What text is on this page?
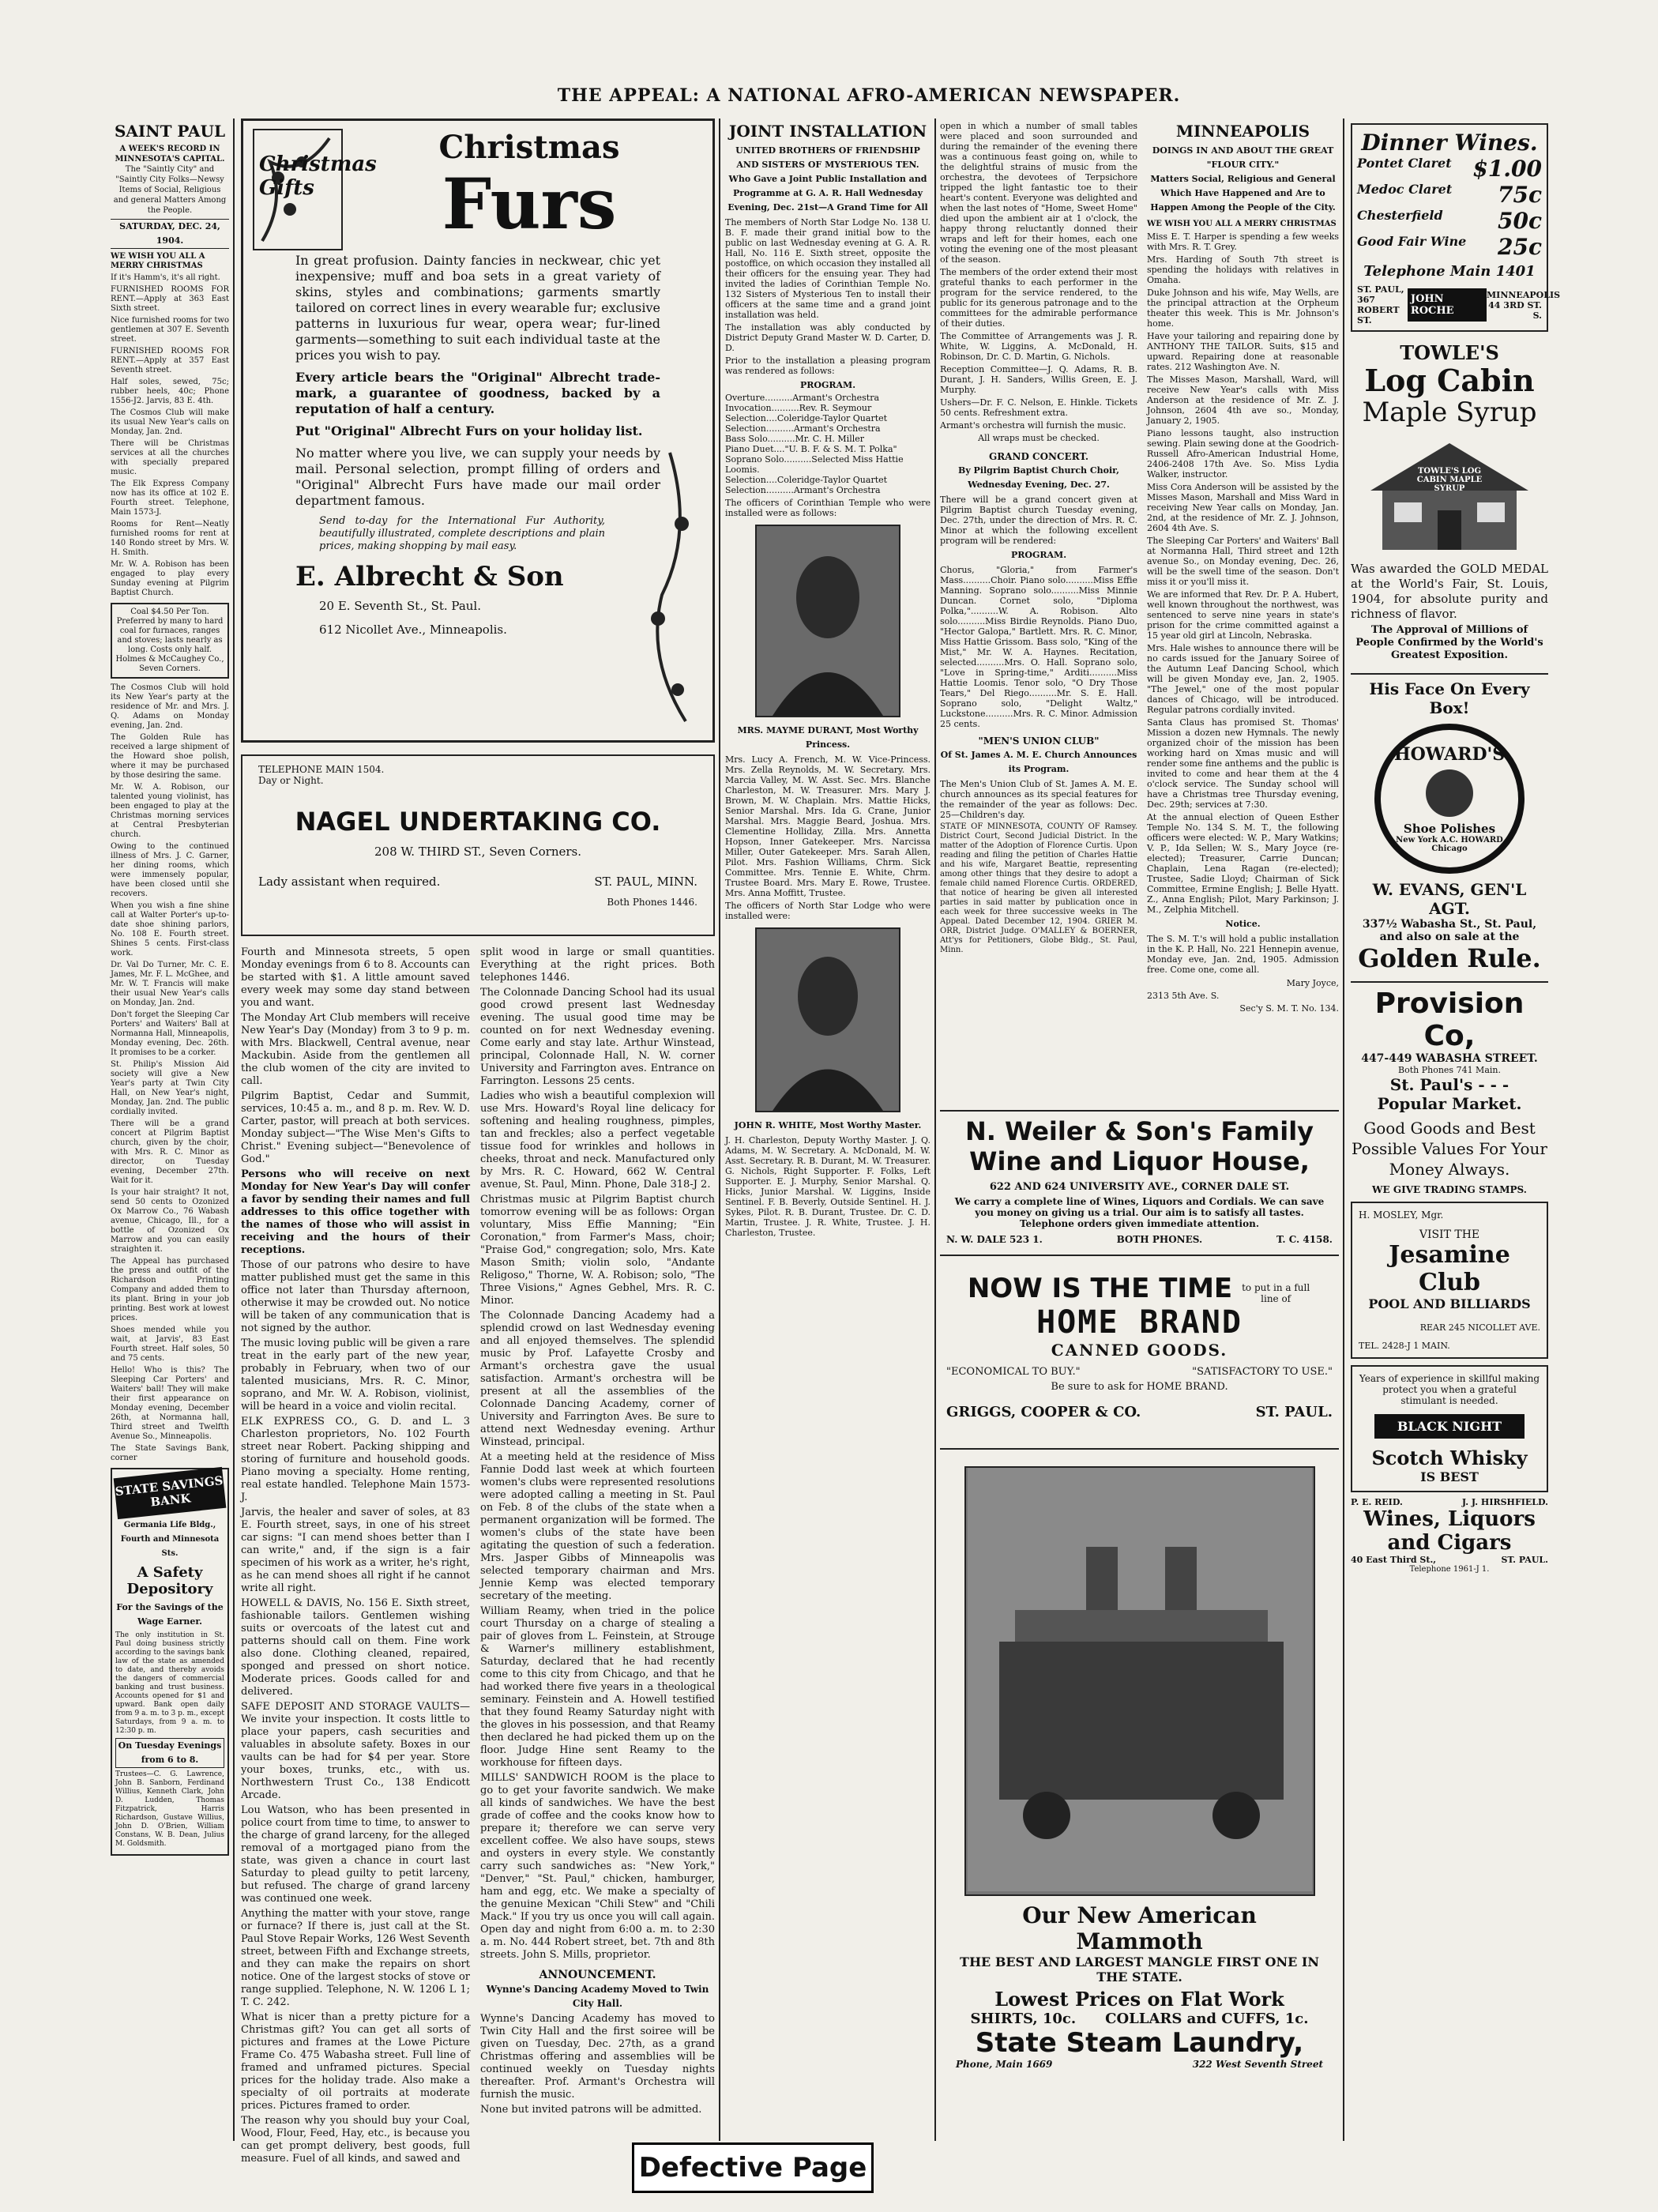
THE APPEAL: A NATIONAL AFRO-AMERICAN NEWSPAPER.
SAINT PAUL
A WEEK'S RECORD IN MINNESOTA'S CAPITAL.
The "Saintly City" and "Saintly City Folks—Newsy Items of Social, Religious and general Matters Among the People.
SATURDAY, DEC. 24, 1904.
WE WISH YOU ALL A MERRY CHRISTMAS
If it's Hamm's, it's all right.
FURNISHED ROOMS FOR RENT.—Apply at 363 East Sixth street.
Nice furnished rooms for two gentlemen at 307 E. Seventh street.
FURNISHED ROOMS FOR RENT.—Apply at 357 East Seventh street.
Half soles, sewed, 75c; rubber heels, 40c; Phone 1556-J2. Jarvis, 83 E. 4th.
The Cosmos Club will make its usual New Year's calls on Monday, Jan. 2nd.
There will be Christmas services at all the churches with specially prepared music.
The Elk Express Company now has its office at 102 E. Fourth street. Telephone, Main 1573-J.
Rooms for Rent—Neatly furnished rooms for rent at 140 Rondo street by Mrs. W. H. Smith.
Mr. W. A. Robison has been engaged to play every Sunday evening at Pilgrim Baptist Church.
Coal $4.50 Per Ton. Preferred by many to hard coal for furnaces, ranges and stoves; lasts nearly as long. Costs only half. Holmes & McCaughey Co., Seven Corners.
The Cosmos Club will hold its New Year's party at the residence of Mr. and Mrs. J. Q. Adams on Monday evening, Jan. 2nd.
The Golden Rule has received a large shipment of the Howard shoe polish, where it may be purchased by those desiring the same.
Mr. W. A. Robison, our talented young violinist, has been engaged to play at the Christmas morning services at Central Presbyterian church.
Owing to the continued illness of Mrs. J. C. Garner, her dining rooms, which were immensely popular, have been closed until she recovers.
When you wish a fine shine call at Walter Porter's up-to-date shoe shining parlors, No. 108 E. Fourth street. Shines 5 cents. First-class work.
Dr. Val Do Turner, Mr. C. E. James, Mr. F. L. McGhee, and Mr. W. T. Francis will make their usual New Year's calls on Monday, Jan. 2nd.
Don't forget the Sleeping Car Porters' and Waiters' Ball at Normanna Hall, Minneapolis, Monday evening, Dec. 26th. It promises to be a corker.
St. Philip's Mission Aid society will give a New Year's party at Twin City Hall, on New Year's night, Monday, Jan. 2nd. The public cordially invited.
There will be a grand concert at Pilgrim Baptist church, given by the choir, with Mrs. R. C. Minor as director, on Tuesday evening, December 27th. Wait for it.
Is your hair straight? It not, send 50 cents to Ozonized Ox Marrow Co., 76 Wabash avenue, Chicago, Ill., for a bottle of Ozonized Ox Marrow and you can easily straighten it.
The Appeal has purchased the press and outfit of the Richardson Printing Company and added them to its plant. Bring in your job printing. Best work at lowest prices.
Shoes mended while you wait, at Jarvis', 83 East Fourth street. Half soles, 50 and 75 cents.
Hello! Who is this? The Sleeping Car Porters' and Waiters' ball! They will make their first appearance on Monday evening, December 26th, at Normanna hall, Third street and Twelfth Avenue So., Minneapolis.
The State Savings Bank, corner
STATE SAVINGS BANK
Germania Life Bldg., Fourth and Minnesota Sts.
A Safety Depository
For the Savings of the Wage Earner.
The only institution in St. Paul doing business strictly according to the savings bank law of the state as amended to date, and thereby avoids the dangers of commercial banking and trust business. Accounts opened for $1 and upward. Bank open daily from 9 a. m. to 3 p. m., except Saturdays, from 9 a. m. to 12:30 p. m.
On Tuesday Evenings from 6 to 8.
Trustees—C. G. Lawrence, John B. Sanborn, Ferdinand Willius, Kenneth Clark, John D. Ludden, Thomas Fitzpatrick, Harris Richardson, Gustave Willius, John D. O'Brien, William Constans, W. B. Dean, Julius M. Goldsmith.
Christmas Gifts
Christmas
Furs
In great profusion. Dainty fancies in neckwear, chic yet inexpensive; muff and boa sets in a great variety of skins, styles and combinations; garments smartly tailored on correct lines in every wearable fur; exclusive patterns in luxurious fur wear, opera wear; fur-lined garments—something to suit each individual taste at the prices you wish to pay.
Every article bears the "Original" Albrecht trade-mark, a guarantee of goodness, backed by a reputation of half a century.
Put "Original" Albrecht Furs on your holiday list.
No matter where you live, we can supply your needs by mail. Personal selection, prompt filling of orders and "Original" Albrecht Furs have made our mail order department famous.
Send to-day for the International Fur Authority, beautifully illustrated, complete descriptions and plain prices, making shopping by mail easy.
E. Albrecht & Son
20 E. Seventh St., St. Paul.
612 Nicollet Ave., Minneapolis.
TELEPHONE MAIN 1504.
Day or Night.
NAGEL UNDERTAKING CO.
208 W. THIRD ST., Seven Corners.
Lady assistant when required.	ST. PAUL, MINN.
Both Phones 1446.
Fourth and Minnesota streets, 5 open Monday evenings from 6 to 8. Accounts can be started with $1. A little amount saved every week may some day stand between you and want.
The Monday Art Club members will receive New Year's Day (Monday) from 3 to 9 p. m. with Mrs. Blackwell, Central avenue, near Mackubin. Aside from the gentlemen all the club women of the city are invited to call.
Pilgrim Baptist, Cedar and Summit, services, 10:45 a. m., and 8 p. m. Rev. W. D. Carter, pastor, will preach at both services. Monday subject—"The Wise Men's Gifts to Christ." Evening subject—"Benevolence of God."
Persons who will receive on next Monday for New Year's Day will confer a favor by sending their names and full addresses to this office together with the names of those who will assist in receiving and the hours of their receptions.
Those of our patrons who desire to have matter published must get the same in this office not later than Thursday afternoon, otherwise it may be crowded out. No notice will be taken of any communication that is not signed by the author.
The music loving public will be given a rare treat in the early part of the new year, probably in February, when two of our talented musicians, Mrs. R. C. Minor, soprano, and Mr. W. A. Robison, violinist, will be heard in a voice and violin recital.
ELK EXPRESS CO., G. D. and L. 3 Charleston proprietors, No. 102 Fourth street near Robert. Packing shipping and storing of furniture and household goods. Piano moving a specialty. Home renting, real estate handled. Telephone Main 1573-J.
Jarvis, the healer and saver of soles, at 83 E. Fourth street, says, in one of his street car signs: "I can mend shoes better than I can write," and, if the sign is a fair specimen of his work as a writer, he's right, as he can mend shoes all right if he cannot write all right.
HOWELL & DAVIS, No. 156 E. Sixth street, fashionable tailors. Gentlemen wishing suits or overcoats of the latest cut and patterns should call on them. Fine work also done. Clothing cleaned, repaired, sponged and pressed on short notice. Moderate prices. Goods called for and delivered.
SAFE DEPOSIT AND STORAGE VAULTS—We invite your inspection. It costs little to place your papers, cash securities and valuables in absolute safety. Boxes in our vaults can be had for $4 per year. Store your boxes, trunks, etc., with us. Northwestern Trust Co., 138 Endicott Arcade.
Lou Watson, who has been presented in police court from time to time, to answer to the charge of grand larceny, for the alleged removal of a mortgaged piano from the state, was given a chance in court last Saturday to plead guilty to petit larceny, but refused. The charge of grand larceny was continued one week.
Anything the matter with your stove, range or furnace? If there is, just call at the St. Paul Stove Repair Works, 126 West Seventh street, between Fifth and Exchange streets, and they can make the repairs on short notice. One of the largest stocks of stove or range supplied. Telephone, N. W. 1206 L 1; T. C. 242.
What is nicer than a pretty picture for a Christmas gift? You can get all sorts of pictures and frames at the Lowe Picture Frame Co. 475 Wabasha street. Full line of framed and unframed pictures. Special prices for the holiday trade. Also make a specialty of oil portraits at moderate prices. Pictures framed to order.
The reason why you should buy your Coal, Wood, Flour, Feed, Hay, etc., is because you can get prompt delivery, best goods, full measure. Fuel of all kinds, and sawed and
split wood in large or small quantities. Everything at the right prices. Both telephones 1446.
The Colonnade Dancing School had its usual good crowd present last Wednesday evening. The usual good time may be counted on for next Wednesday evening. Come early and stay late. Arthur Winstead, principal, Colonnade Hall, N. W. corner University and Farrington aves. Entrance on Farrington. Lessons 25 cents.
Ladies who wish a beautiful complexion will use Mrs. Howard's Royal line delicacy for softening and healing roughness, pimples, tan and freckles; also a perfect vegetable tissue food for wrinkles and hollows in cheeks, throat and neck. Manufactured only by Mrs. R. C. Howard, 662 W. Central avenue, St. Paul, Minn. Phone, Dale 318-J 2.
Christmas music at Pilgrim Baptist church tomorrow evening will be as follows: Organ voluntary, Miss Effie Manning; "Ein Coronation," from Farmer's Mass, choir; "Praise God," congregation; solo, Mrs. Kate Mason Smith; violin solo, "Andante Religoso," Thorne, W. A. Robison; solo, "The Three Visions," Agnes Gebhel, Mrs. R. C. Minor.
The Colonnade Dancing Academy had a splendid crowd on last Wednesday evening and all enjoyed themselves. The splendid music by Prof. Lafayette Crosby and Armant's orchestra gave the usual satisfaction. Armant's orchestra will be present at all the assemblies of the Colonnade Dancing Academy, corner of University and Farrington Aves. Be sure to attend next Wednesday evening. Arthur Winstead, principal.
At a meeting held at the residence of Miss Fannie Dodd last week at which fourteen women's clubs were represented resolutions were adopted calling a meeting in St. Paul on Feb. 8 of the clubs of the state when a permanent organization will be formed. The women's clubs of the state have been agitating the question of such a federation. Mrs. Jasper Gibbs of Minneapolis was selected temporary chairman and Mrs. Jennie Kemp was elected temporary secretary of the meeting.
William Reamy, when tried in the police court Thursday on a charge of stealing a pair of gloves from L. Feinstein, at Strouge & Warner's millinery establishment, Saturday, declared that he had recently come to this city from Chicago, and that he had worked there five years in a theological seminary. Feinstein and A. Howell testified that they found Reamy Saturday night with the gloves in his possession, and that Reamy then declared he had picked them up on the floor. Judge Hine sent Reamy to the workhouse for fifteen days.
MILLS' SANDWICH ROOM is the place to go to get your favorite sandwich. We make all kinds of sandwiches. We have the best grade of coffee and the cooks know how to prepare it; therefore we can serve very excellent coffee. We also have soups, stews and oysters in every style. We constantly carry such sandwiches as: "New York," "Denver," "St. Paul," chicken, hamburger, ham and egg, etc. We make a specialty of the genuine Mexican "Chili Stew" and "Chili Mack." If you try us once you will call again. Open day and night from 6:00 a. m. to 2:30 a. m. No. 444 Robert street, bet. 7th and 8th streets. John S. Mills, proprietor.
ANNOUNCEMENT.
Wynne's Dancing Academy Moved to Twin City Hall.
Wynne's Dancing Academy has moved to Twin City Hall and the first soiree will be given on Tuesday, Dec. 27th, as a grand Christmas offering and assemblies will be continued weekly on Tuesday nights thereafter. Prof. Armant's Orchestra will furnish the music.
None but invited patrons will be admitted.
JOINT INSTALLATION
UNITED BROTHERS OF FRIENDSHIP AND SISTERS OF MYSTERIOUS TEN.
Who Gave a Joint Public Installation and Programme at G. A. R. Hall Wednesday Evening, Dec. 21st—A Grand Time for All
The members of North Star Lodge No. 138 U. B. F. made their grand initial bow to the public on last Wednesday evening at G. A. R. Hall, No. 116 E. Sixth street, opposite the postoffice, on which occasion they installed all their officers for the ensuing year. They had invited the ladies of Corinthian Temple No. 132 Sisters of Mysterious Ten to install their officers at the same time and a grand joint installation was held.
The installation was ably conducted by District Deputy Grand Master W. D. Carter, D. D.
Prior to the installation a pleasing program was rendered as follows:
PROGRAM.
Overture..........Armant's Orchestra
Invocation..........Rev. R. Seymour
Selection....Coleridge-Taylor Quartet
Selection..........Armant's Orchestra
Bass Solo..........Mr. C. H. Miller
Piano Duet...."U. B. F. & S. M. T. Polka"
Soprano Solo..........Selected Miss Hattie Loomis.
Selection....Coleridge-Taylor Quartet
Selection..........Armant's Orchestra
The officers of Corinthian Temple who were installed were as follows:
MRS. MAYME DURANT, Most Worthy Princess.
Mrs. Lucy A. French, M. W. Vice-Princess. Mrs. Zella Reynolds, M. W. Secretary. Mrs. Marcia Valley, M. W. Asst. Sec. Mrs. Blanche Charleston, M. W. Treasurer. Mrs. Mary J. Brown, M. W. Chaplain. Mrs. Mattie Hicks, Senior Marshal. Mrs. Ida G. Crane, Junior Marshal. Mrs. Maggie Beard, Joshua. Mrs. Clementine Holliday, Zilla. Mrs. Annetta Hopson, Inner Gatekeeper. Mrs. Narcissa Miller, Outer Gatekeeper. Mrs. Sarah Allen, Pilot. Mrs. Fashion Williams, Chrm. Sick Committee. Mrs. Tennie E. White, Chrm. Trustee Board. Mrs. Mary E. Rowe, Trustee. Mrs. Anna Moffitt, Trustee.
The officers of North Star Lodge who were installed were:
JOHN R. WHITE, Most Worthy Master.
J. H. Charleston, Deputy Worthy Master. J. Q. Adams, M. W. Secretary. A. McDonald, M. W. Asst. Secretary. R. B. Durant, M. W. Treasurer. G. Nichols, Right Supporter. F. Folks, Left Supporter. E. J. Murphy, Senior Marshal. Q. Hicks, Junior Marshal. W. Liggins, Inside Sentinel. F. B. Beverly, Outside Sentinel. H. J. Sykes, Pilot. R. B. Durant, Trustee. Dr. C. D. Martin, Trustee. J. R. White, Trustee. J. H. Charleston, Trustee.
open in which a number of small tables were placed and soon surrounded and during the remainder of the evening there was a continuous feast going on, while to the delightful strains of music from the orchestra, the devotees of Terpsichore tripped the light fantastic toe to their heart's content. Everyone was delighted and when the last notes of "Home, Sweet Home" died upon the ambient air at 1 o'clock, the happy throng reluctantly donned their wraps and left for their homes, each one voting the evening one of the most pleasant of the season.
The members of the order extend their most grateful thanks to each performer in the program for the service rendered, to the public for its generous patronage and to the committees for the admirable performance of their duties.
The Committee of Arrangements was J. R. White, W. Liggins, A. McDonald, H. Robinson, Dr. C. D. Martin, G. Nichols.
Reception Committee—J. Q. Adams, R. B. Durant, J. H. Sanders, Willis Green, E. J. Murphy.
Ushers—Dr. F. C. Nelson, E. Hinkle. Tickets 50 cents. Refreshment extra.
Armant's orchestra will furnish the music.
All wraps must be checked.
GRAND CONCERT.
By Pilgrim Baptist Church Choir, Wednesday Evening, Dec. 27.
There will be a grand concert given at Pilgrim Baptist church Tuesday evening, Dec. 27th, under the direction of Mrs. R. C. Minor at which the following excellent program will be rendered:
PROGRAM.
Chorus, "Gloria," from Farmer's Mass..........Choir. Piano solo..........Miss Effie Manning. Soprano solo..........Miss Minnie Duncan. Cornet solo, "Diploma Polka,"..........W. A. Robison. Alto solo..........Miss Birdie Reynolds. Piano Duo, "Hector Galopa," Bartlett. Mrs. R. C. Minor, Miss Hattie Grissom. Bass solo, "King of the Mist," Mr. W. A. Haynes. Recitation, selected..........Mrs. O. Hall. Soprano solo, "Love in Spring-time," Arditi..........Miss Hattie Loomis. Tenor solo, "O Dry Those Tears," Del Riego..........Mr. S. E. Hall. Soprano solo, "Delight Waltz," Luckstone..........Mrs. R. C. Minor. Admission 25 cents.
"MEN'S UNION CLUB"
Of St. James A. M. E. Church Announces its Program.
The Men's Union Club of St. James A. M. E. church announces as its special features for the remainder of the year as follows: Dec. 25—Children's day.
STATE OF MINNESOTA, COUNTY OF Ramsey. District Court, Second Judicial District. In the matter of the Adoption of Florence Curtis. Upon reading and filing the petition of Charles Hattie and his wife, Margaret Beattie, representing among other things that they desire to adopt a female child named Florence Curtis. ORDERED, that notice of hearing be given all interested parties in said matter by publication once in each week for three successive weeks in The Appeal. Dated December 12, 1904. GRIER M. ORR, District Judge. O'MALLEY & BOERNER, Att'ys for Petitioners, Globe Bldg., St. Paul, Minn.
MINNEAPOLIS
DOINGS IN AND ABOUT THE GREAT "FLOUR CITY."
Matters Social, Religious and General Which Have Happened and Are to Happen Among the People of the City.
WE WISH YOU ALL A MERRY CHRISTMAS
Miss E. T. Harper is spending a few weeks with Mrs. R. T. Grey.
Mrs. Harding of South 7th street is spending the holidays with relatives in Omaha.
Duke Johnson and his wife, May Wells, are the principal attraction at the Orpheum theater this week. This is Mr. Johnson's home.
Have your tailoring and repairing done by ANTHONY THE TAILOR. Suits, $15 and upward. Repairing done at reasonable rates. 212 Washington Ave. N.
The Misses Mason, Marshall, Ward, will receive New Year's calls with Miss Anderson at the residence of Mr. Z. J. Johnson, 2604 4th ave so., Monday, January 2, 1905.
Piano lessons taught, also instruction sewing. Plain sewing done at the Goodrich-Russell Afro-American Industrial Home, 2406-2408 17th Ave. So. Miss Lydia Walker, instructor.
Miss Cora Anderson will be assisted by the Misses Mason, Marshall and Miss Ward in receiving New Year calls on Monday, Jan. 2nd, at the residence of Mr. Z. J. Johnson, 2604 4th Ave. S.
The Sleeping Car Porters' and Waiters' Ball at Normanna Hall, Third street and 12th avenue So., on Monday evening, Dec. 26, will be the swell time of the season. Don't miss it or you'll miss it.
We are informed that Rev. Dr. P. A. Hubert, well known throughout the northwest, was sentenced to serve nine years in state's prison for the crime committed against a 15 year old girl at Lincoln, Nebraska.
Mrs. Hale wishes to announce there will be no cards issued for the January Soiree of the Autumn Leaf Dancing School, which will be given Monday eve, Jan. 2, 1905. "The Jewel," one of the most popular dances of Chicago, will be introduced. Regular patrons cordially invited.
Santa Claus has promised St. Thomas' Mission a dozen new Hymnals. The newly organized choir of the mission has been working hard on Xmas music and will render some fine anthems and the public is invited to come and hear them at the 4 o'clock service. The Sunday school will have a Christmas tree Thursday evening, Dec. 29th; services at 7:30.
At the annual election of Queen Esther Temple No. 134 S. M. T., the following officers were elected: W. P., Mary Watkins; V. P., Ida Sellen; W. S., Mary Joyce (re-elected); Treasurer, Carrie Duncan; Chaplain, Lena Ragan (re-elected); Trustee, Sadie Lloyd; Chairman of Sick Committee, Ermine English; J. Belle Hyatt. Z., Anna English; Pilot, Mary Parkinson; J. M., Zelphia Mitchell.
Notice.
The S. M. T.'s will hold a public installation in the K. P. Hall, No. 221 Hennepin avenue, Monday eve, Jan. 2nd, 1905. Admission free. Come one, come all.
Mary Joyce,
2313 5th Ave. S.
Sec'y S. M. T. No. 134.
N. Weiler & Son's Family Wine and Liquor House,
622 AND 624 UNIVERSITY AVE., CORNER DALE ST.
We carry a complete line of Wines, Liquors and Cordials. We can save you money on giving us a trial. Our aim is to satisfy all tastes. Telephone orders given immediate attention.
N. W. DALE 523 1.	BOTH PHONES.	T. C. 4158.
NOW IS THE TIME to put in a full line of
HOME BRAND
CANNED GOODS.
"ECONOMICAL TO BUY."	"SATISFACTORY TO USE."
Be sure to ask for HOME BRAND.
GRIGGS, COOPER & CO.	ST. PAUL.
Our New American Mammoth
THE BEST AND LARGEST MANGLE FIRST ONE IN THE STATE.
Lowest Prices on Flat Work
SHIRTS, 10c. COLLARS and CUFFS, 1c.
State Steam Laundry,
Phone, Main 1669	322 West Seventh Street
Dinner Wines.
Pontet Claret $1.00
Medoc Claret 75c
Chesterfield 50c
Good Fair Wine 25c
Telephone Main 1401
ST. PAUL, 367 ROBERT ST.
JOHN ROCHE
MINNEAPOLIS 44 3RD ST. S.
TOWLE'S
Log Cabin
Maple Syrup
TOWLE'S LOG CABIN MAPLE SYRUP
Was awarded the GOLD MEDAL at the World's Fair, St. Louis, 1904, for absolute purity and richness of flavor.
The Approval of Millions of People Confirmed by the World's Greatest Exposition.
His Face On Every Box!
HOWARD'S
Shoe Polishes
New York A.C. HOWARD Chicago
W. EVANS, GEN'L AGT.
337½ Wabasha St., St. Paul, and also on sale at the
Golden Rule.
Provision Co,
447-449 WABASHA STREET.
Both Phones 741 Main.
St. Paul's - - -
Popular Market.
Good Goods and Best Possible Values For Your Money Always.
WE GIVE TRADING STAMPS.
H. MOSLEY, Mgr.
VISIT THE
Jesamine Club
POOL AND BILLIARDS
REAR 245 NICOLLET AVE.
TEL. 2428-J 1 MAIN.
Years of experience in skillful making protect you when a grateful stimulant is needed.
BLACK NIGHT
Scotch Whisky
IS BEST
P. E. REID.	J. J. HIRSHFIELD.
Wines, Liquors
and Cigars
40 East Third St.,	ST. PAUL.
Telephone 1961-J 1.
Defective Page
